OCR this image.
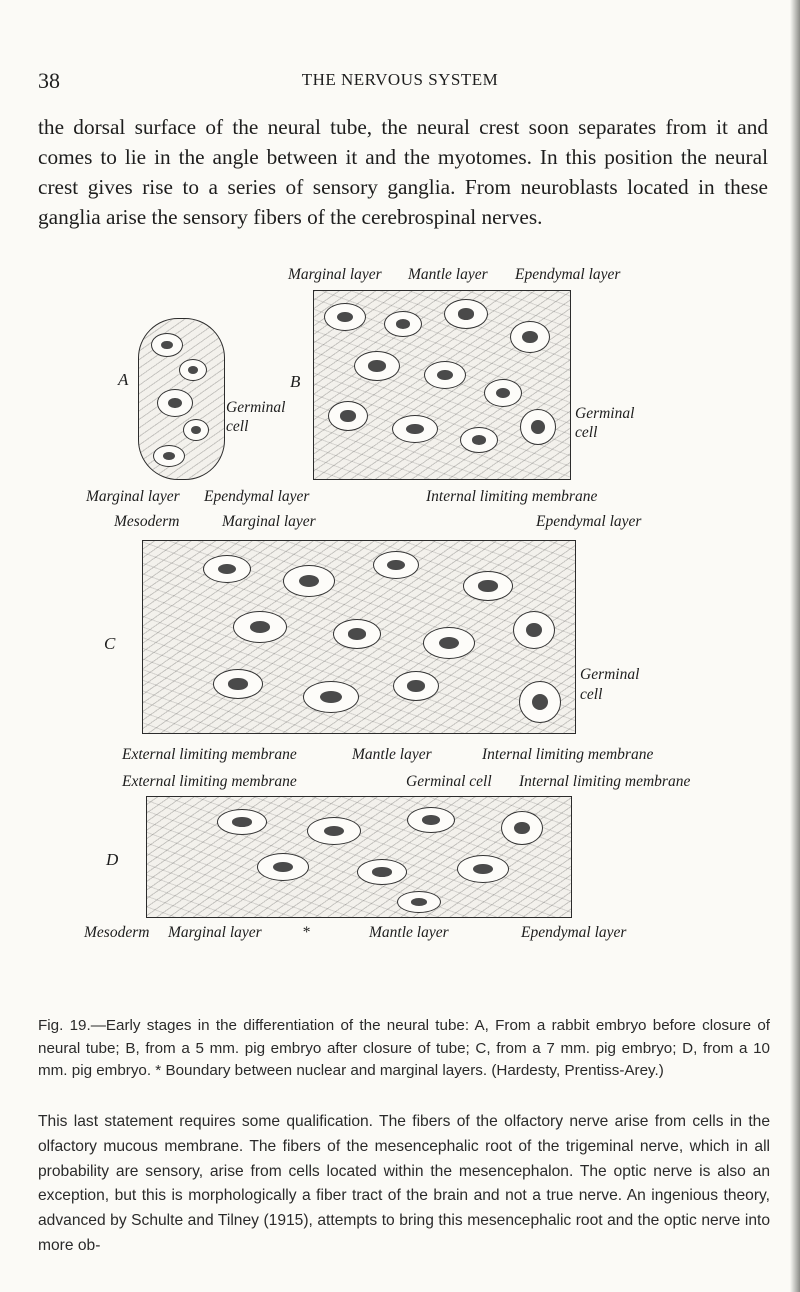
38	THE NERVOUS SYSTEM

the dorsal surface of the neural tube, the neural crest soon separates from it and comes to lie in the angle between it and the myotomes. In this position the neural crest gives rise to a series of sensory ganglia. From neuroblasts located in these ganglia arise the sensory fibers of the cerebrospinal nerves.

Marginal layer Mantle layer Ependymal layer
A
Germinal cell
B
Germinal cell
Marginal layer Ependymal layer	Internal limiting membrane
Mesoderm	Marginal layer	Ependymal layer
C
Germinal cell
External limiting membrane	Mantle layer	Internal limiting membrane
External limiting membrane	Germinal cell Internal limiting membrane
D
Mesoderm Marginal layer	*	Mantle layer	Ependymal layer

Fig. 19.—Early stages in the differentiation of the neural tube: A, From a rabbit embryo before closure of neural tube; B, from a 5 mm. pig embryo after closure of tube; C, from a 7 mm. pig embryo; D, from a 10 mm. pig embryo. * Boundary between nuclear and marginal layers. (Hardesty, Prentiss-Arey.)

This last statement requires some qualification. The fibers of the olfactory nerve arise from cells in the olfactory mucous membrane. The fibers of the mesencephalic root of the trigeminal nerve, which in all probability are sensory, arise from cells located within the mesencephalon. The optic nerve is also an exception, but this is morphologically a fiber tract of the brain and not a true nerve. An ingenious theory, advanced by Schulte and Tilney (1915), attempts to bring this mesencephalic root and the optic nerve into more ob-
